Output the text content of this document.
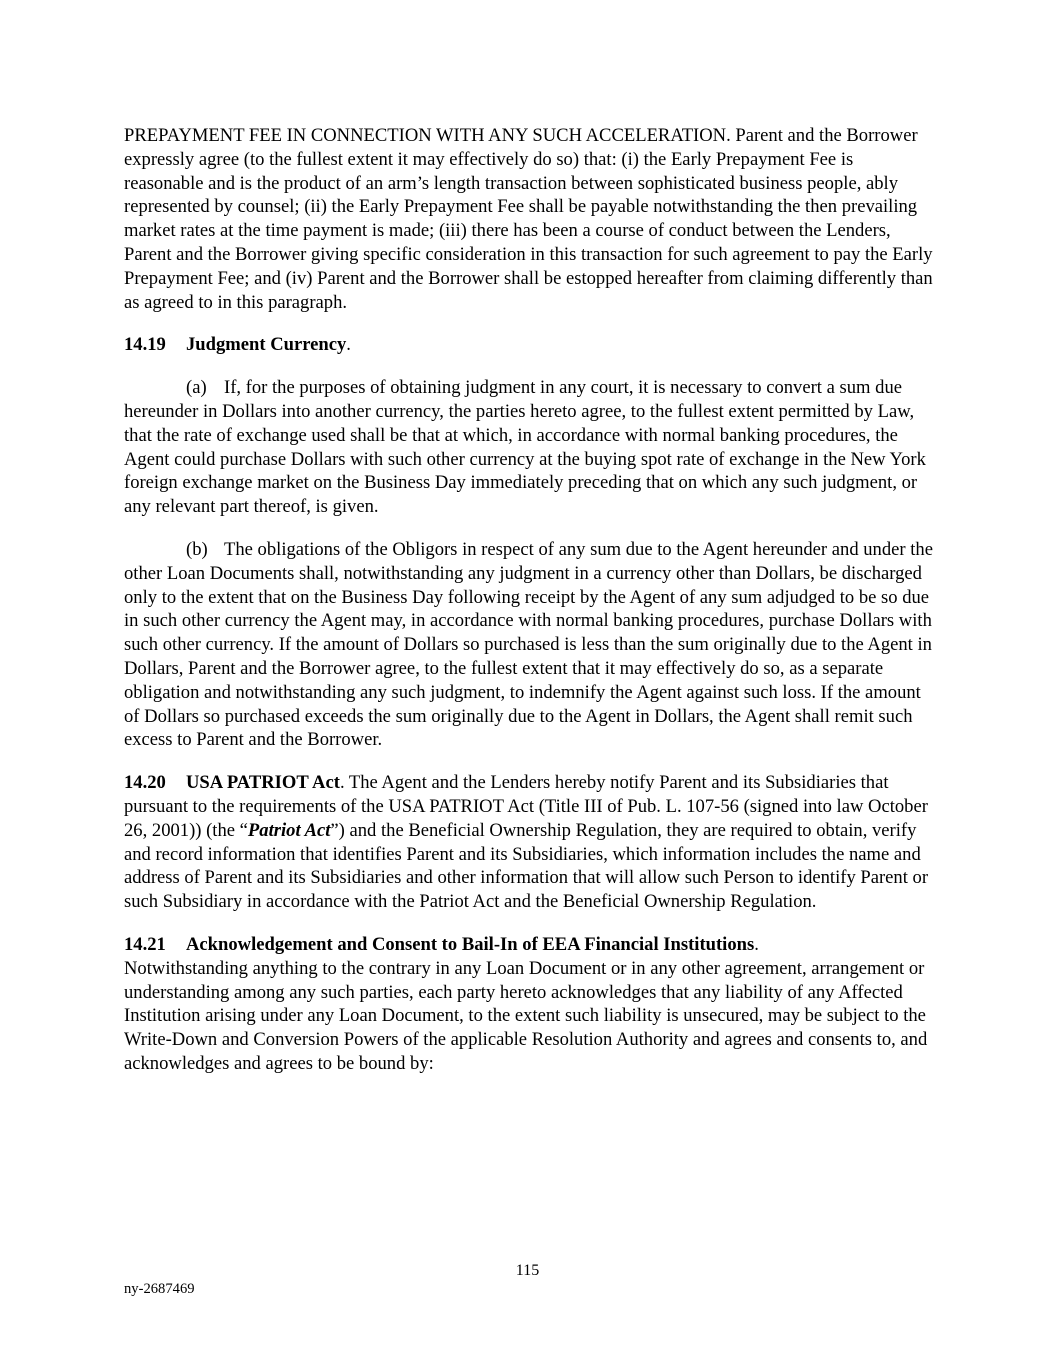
PREPAYMENT FEE IN CONNECTION WITH ANY SUCH ACCELERATION. Parent and the Borrower expressly agree (to the fullest extent it may effectively do so) that: (i) the Early Prepayment Fee is reasonable and is the product of an arm’s length transaction between sophisticated business people, ably represented by counsel; (ii) the Early Prepayment Fee shall be payable notwithstanding the then prevailing market rates at the time payment is made; (iii) there has been a course of conduct between the Lenders, Parent and the Borrower giving specific consideration in this transaction for such agreement to pay the Early Prepayment Fee; and (iv) Parent and the Borrower shall be estopped hereafter from claiming differently than as agreed to in this paragraph.

14.19 Judgment Currency.

(a) If, for the purposes of obtaining judgment in any court, it is necessary to convert a sum due hereunder in Dollars into another currency, the parties hereto agree, to the fullest extent permitted by Law, that the rate of exchange used shall be that at which, in accordance with normal banking procedures, the Agent could purchase Dollars with such other currency at the buying spot rate of exchange in the New York foreign exchange market on the Business Day immediately preceding that on which any such judgment, or any relevant part thereof, is given.

(b) The obligations of the Obligors in respect of any sum due to the Agent hereunder and under the other Loan Documents shall, notwithstanding any judgment in a currency other than Dollars, be discharged only to the extent that on the Business Day following receipt by the Agent of any sum adjudged to be so due in such other currency the Agent may, in accordance with normal banking procedures, purchase Dollars with such other currency. If the amount of Dollars so purchased is less than the sum originally due to the Agent in Dollars, Parent and the Borrower agree, to the fullest extent that it may effectively do so, as a separate obligation and notwithstanding any such judgment, to indemnify the Agent against such loss. If the amount of Dollars so purchased exceeds the sum originally due to the Agent in Dollars, the Agent shall remit such excess to Parent and the Borrower.

14.20 USA PATRIOT Act. The Agent and the Lenders hereby notify Parent and its Subsidiaries that pursuant to the requirements of the USA PATRIOT Act (Title III of Pub. L. 107-56 (signed into law October 26, 2001)) (the “Patriot Act”) and the Beneficial Ownership Regulation, they are required to obtain, verify and record information that identifies Parent and its Subsidiaries, which information includes the name and address of Parent and its Subsidiaries and other information that will allow such Person to identify Parent or such Subsidiary in accordance with the Patriot Act and the Beneficial Ownership Regulation.

14.21 Acknowledgement and Consent to Bail-In of EEA Financial Institutions.
Notwithstanding anything to the contrary in any Loan Document or in any other agreement, arrangement or understanding among any such parties, each party hereto acknowledges that any liability of any Affected Institution arising under any Loan Document, to the extent such liability is unsecured, may be subject to the Write-Down and Conversion Powers of the applicable Resolution Authority and agrees and consents to, and acknowledges and agrees to be bound by:

115
ny-2687469
